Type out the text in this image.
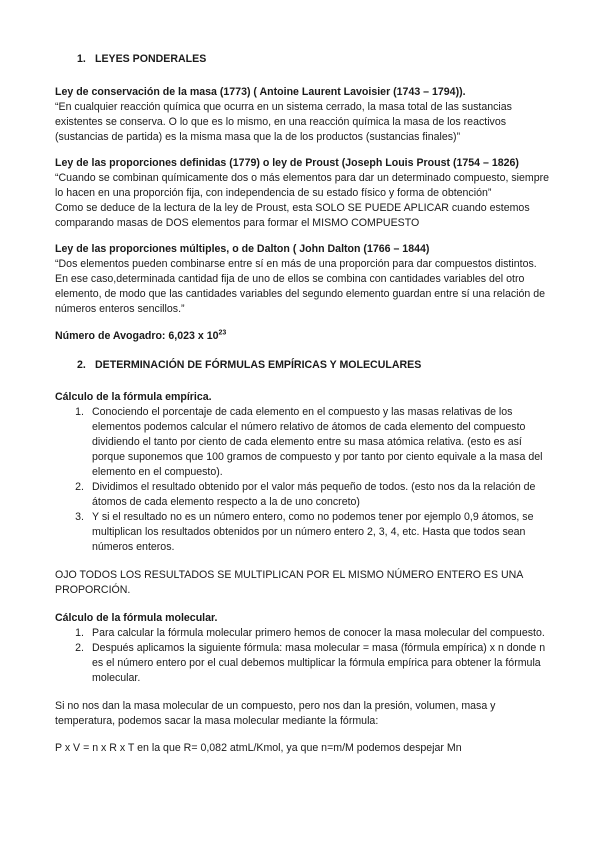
1. LEYES PONDERALES

Ley de conservación de la masa (1773) ( Antoine Laurent Lavoisier (1743 – 1794)).

“En cualquier reacción química que ocurra en un sistema cerrado, la masa total de las sustancias existentes se conserva. O lo que es lo mismo, en una reacción química la masa de los reactivos (sustancias de partida) es la misma masa que la de los productos (sustancias finales)”

Ley de las proporciones definidas (1779) o ley de Proust (Joseph Louis Proust (1754 – 1826)

“Cuando se combinan químicamente dos o más elementos para dar un determinado compuesto, siempre lo hacen en una proporción fija, con independencia de su estado físico y forma de obtención”

Como se deduce de la lectura de la ley de Proust, esta SOLO SE PUEDE APLICAR cuando estemos comparando masas de DOS elementos para formar el MISMO COMPUESTO

Ley de las proporciones múltiples, o de Dalton ( John Dalton (1766 – 1844)

“Dos elementos pueden combinarse entre sí en más de una proporción para dar compuestos distintos. En ese caso,determinada cantidad fija de uno de ellos se combina con cantidades variables del otro elemento, de modo que las cantidades variables del segundo elemento guardan entre sí una relación de números enteros sencillos.”

Número de Avogadro: 6,023 x $10^{23}$

2. DETERMINACIÓN DE FÓRMULAS EMPÍRICAS Y MOLECULARES

Cálculo de la fórmula empírica.

1. Conociendo el porcentaje de cada elemento en el compuesto y las masas relativas de los elementos podemos calcular el número relativo de átomos de cada elemento del compuesto dividiendo el tanto por ciento de cada elemento entre su masa atómica relativa. (esto es así porque suponemos que 100 gramos de compuesto y por tanto por ciento equivale a la masa del elemento en el compuesto).
2. Dividimos el resultado obtenido por el valor más pequeño de todos. (esto nos da la relación de átomos de cada elemento respecto a la de uno concreto)
3. Y si el resultado no es un número entero, como no podemos tener por ejemplo 0,9 átomos, se multiplican los resultados obtenidos por un número entero 2, 3, 4, etc. Hasta que todos sean números enteros.

OJO TODOS LOS RESULTADOS SE MULTIPLICAN POR EL MISMO NÚMERO ENTERO ES UNA PROPORCIÓN.

Cálculo de la fórmula molecular.

1. Para calcular la fórmula molecular primero hemos de conocer la masa molecular del compuesto.
2. Después aplicamos la siguiente fórmula: masa molecular = masa (fórmula empírica) x n donde n es el número entero por el cual debemos multiplicar la fórmula empírica para obtener la fórmula molecular.

Si no nos dan la masa molecular de un compuesto, pero nos dan la presión, volumen, masa y temperatura, podemos sacar la masa molecular mediante la fórmula:

P x V = n x R x T en la que R= 0,082 atmL/Kmol, ya que n=m/M podemos despejar Mn
